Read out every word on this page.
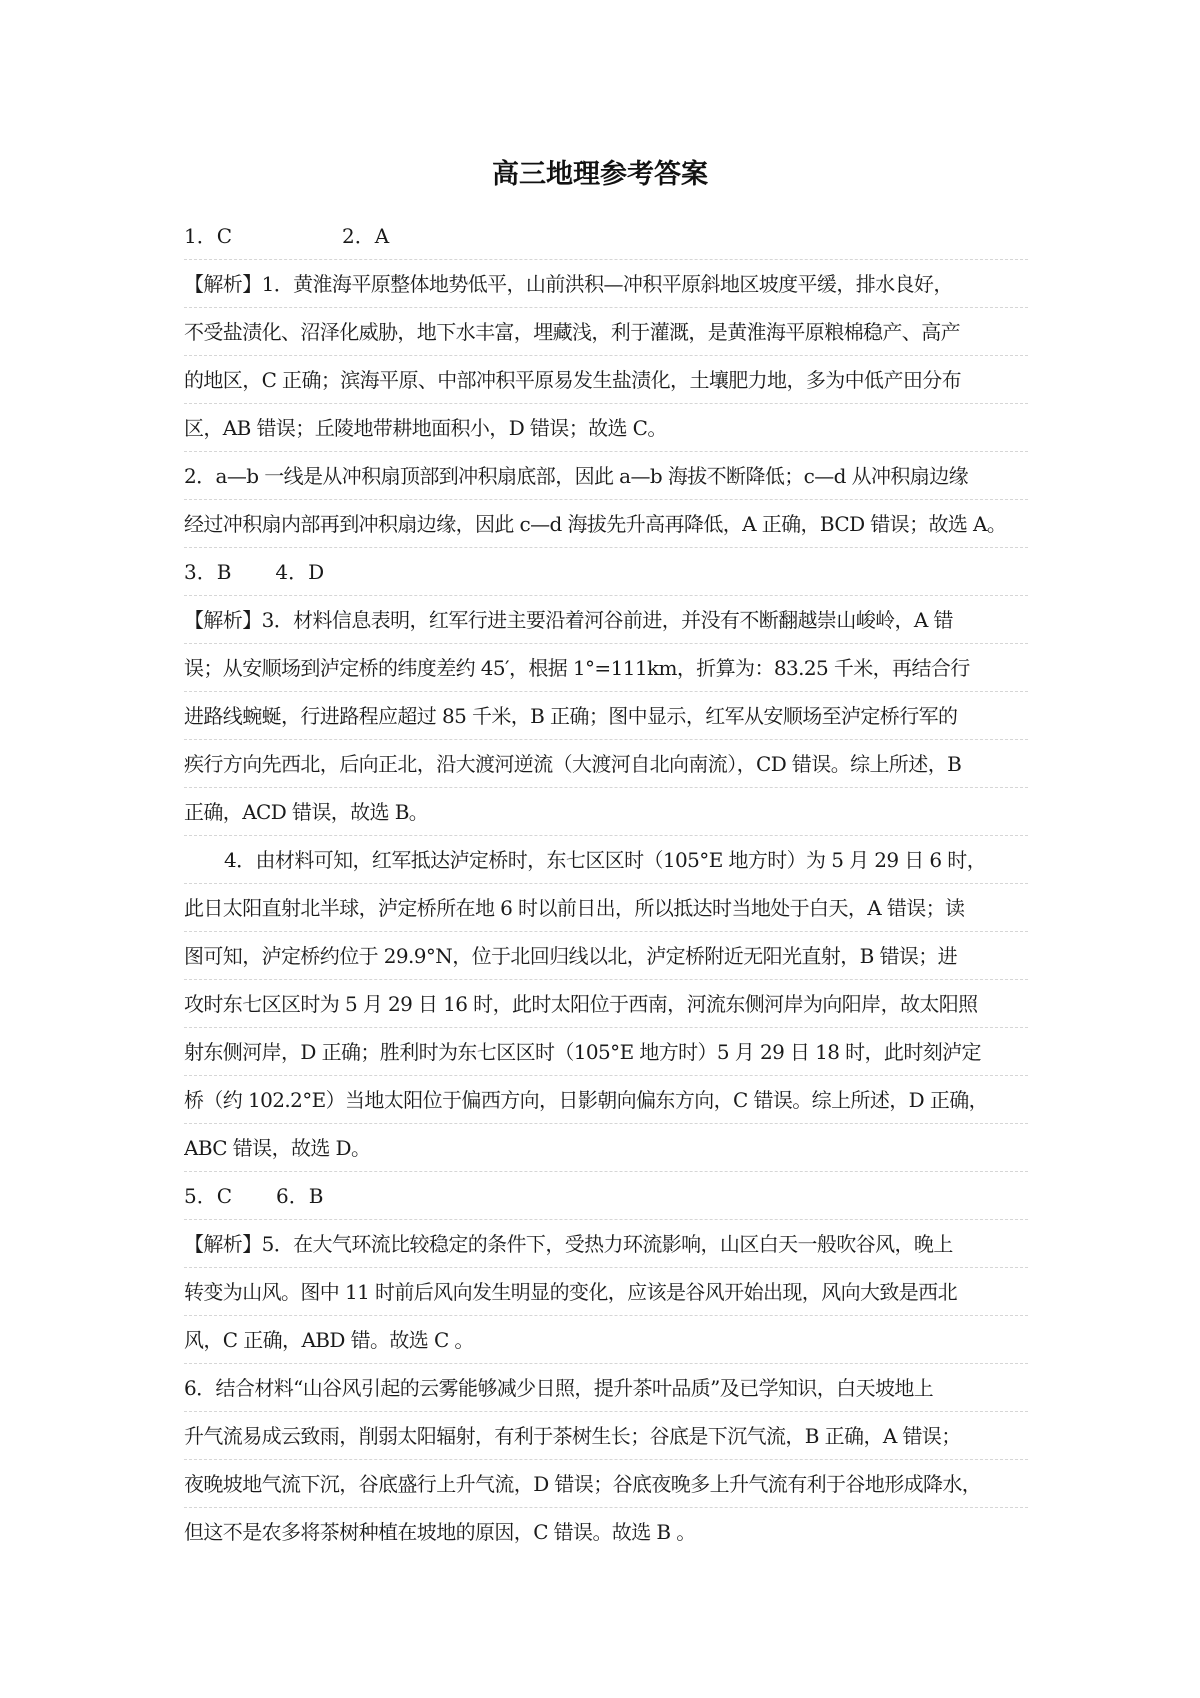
高三地理参考答案
1．C	2．A
【解析】1．黄淮海平原整体地势低平，山前洪积—冲积平原斜地区坡度平缓，排水良好，
不受盐渍化、沼泽化威胁，地下水丰富，埋藏浅，利于灌溉，是黄淮海平原粮棉稳产、高产
的地区，C 正确；滨海平原、中部冲积平原易发生盐渍化，土壤肥力地，多为中低产田分布
区，AB 错误；丘陵地带耕地面积小，D 错误；故选 C。
2．a—b 一线是从冲积扇顶部到冲积扇底部，因此 a—b 海拔不断降低；c—d 从冲积扇边缘
经过冲积扇内部再到冲积扇边缘，因此 c—d 海拔先升高再降低，A 正确，BCD 错误；故选 A。
3．B 4．D
【解析】3．材料信息表明，红军行进主要沿着河谷前进，并没有不断翻越崇山峻岭，A 错
误；从安顺场到泸定桥的纬度差约 45′，根据 1°=111km，折算为：83.25 千米，再结合行
进路线蜿蜒，行进路程应超过 85 千米，B 正确；图中显示，红军从安顺场至泸定桥行军的
疾行方向先西北，后向正北，沿大渡河逆流（大渡河自北向南流），CD 错误。综上所述，B
正确，ACD 错误，故选 B。
4．由材料可知，红军抵达泸定桥时，东七区区时（105°E 地方时）为 5 月 29 日 6 时，
此日太阳直射北半球，泸定桥所在地 6 时以前日出，所以抵达时当地处于白天，A 错误；读
图可知，泸定桥约位于 29.9°N，位于北回归线以北，泸定桥附近无阳光直射，B 错误；进
攻时东七区区时为 5 月 29 日 16 时，此时太阳位于西南，河流东侧河岸为向阳岸，故太阳照
射东侧河岸，D 正确；胜利时为东七区区时（105°E 地方时）5 月 29 日 18 时，此时刻泸定
桥（约 102.2°E）当地太阳位于偏西方向，日影朝向偏东方向，C 错误。综上所述，D 正确，
ABC 错误，故选 D。
5．C 6．B
【解析】5．在大气环流比较稳定的条件下，受热力环流影响，山区白天一般吹谷风，晚上
转变为山风。图中 11 时前后风向发生明显的变化，应该是谷风开始出现，风向大致是西北
风，C 正确，ABD 错。故选 C 。
6．结合材料“山谷风引起的云雾能够减少日照，提升茶叶品质”及已学知识，白天坡地上
升气流易成云致雨，削弱太阳辐射，有利于茶树生长；谷底是下沉气流，B 正确，A 错误；
夜晚坡地气流下沉，谷底盛行上升气流，D 错误；谷底夜晚多上升气流有利于谷地形成降水，
但这不是农多将茶树种植在坡地的原因，C 错误。故选 B 。
